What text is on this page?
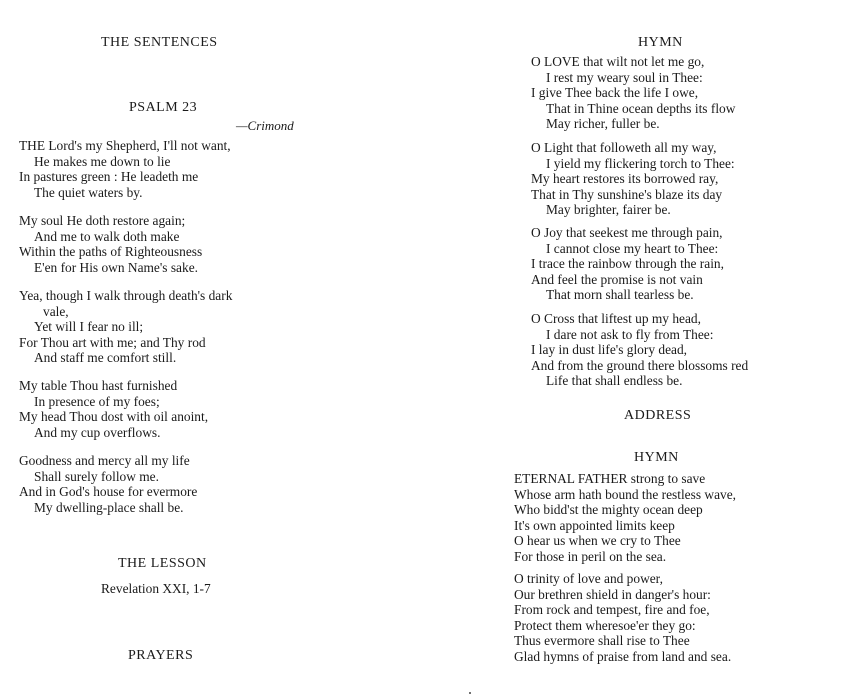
THE SENTENCES
PSALM 23
—Crimond
THE Lord's my Shepherd, I'll not want,
He makes me down to lie
In pastures green : He leadeth me
The quiet waters by.
My soul He doth restore again;
And me to walk doth make
Within the paths of Righteousness
E'en for His own Name's sake.
Yea, though I walk through death's dark
vale,
Yet will I fear no ill;
For Thou art with me; and Thy rod
And staff me comfort still.
My table Thou hast furnished
In presence of my foes;
My head Thou dost with oil anoint,
And my cup overflows.
Goodness and mercy all my life
Shall surely follow me.
And in God's house for evermore
My dwelling-place shall be.
THE LESSON
Revelation XXI, 1-7
PRAYERS
HYMN
O LOVE that wilt not let me go,
I rest my weary soul in Thee:
I give Thee back the life I owe,
That in Thine ocean depths its flow
May richer, fuller be.
O Light that followeth all my way,
I yield my flickering torch to Thee:
My heart restores its borrowed ray,
That in Thy sunshine's blaze its day
May brighter, fairer be.
O Joy that seekest me through pain,
I cannot close my heart to Thee:
I trace the rainbow through the rain,
And feel the promise is not vain
That morn shall tearless be.
O Cross that liftest up my head,
I dare not ask to fly from Thee:
I lay in dust life's glory dead,
And from the ground there blossoms red
Life that shall endless be.
ADDRESS
HYMN
ETERNAL FATHER strong to save
Whose arm hath bound the restless wave,
Who bidd'st the mighty ocean deep
It's own appointed limits keep
O hear us when we cry to Thee
For those in peril on the sea.
O trinity of love and power,
Our brethren shield in danger's hour:
From rock and tempest, fire and foe,
Protect them wheresoe'er they go:
Thus evermore shall rise to Thee
Glad hymns of praise from land and sea.
